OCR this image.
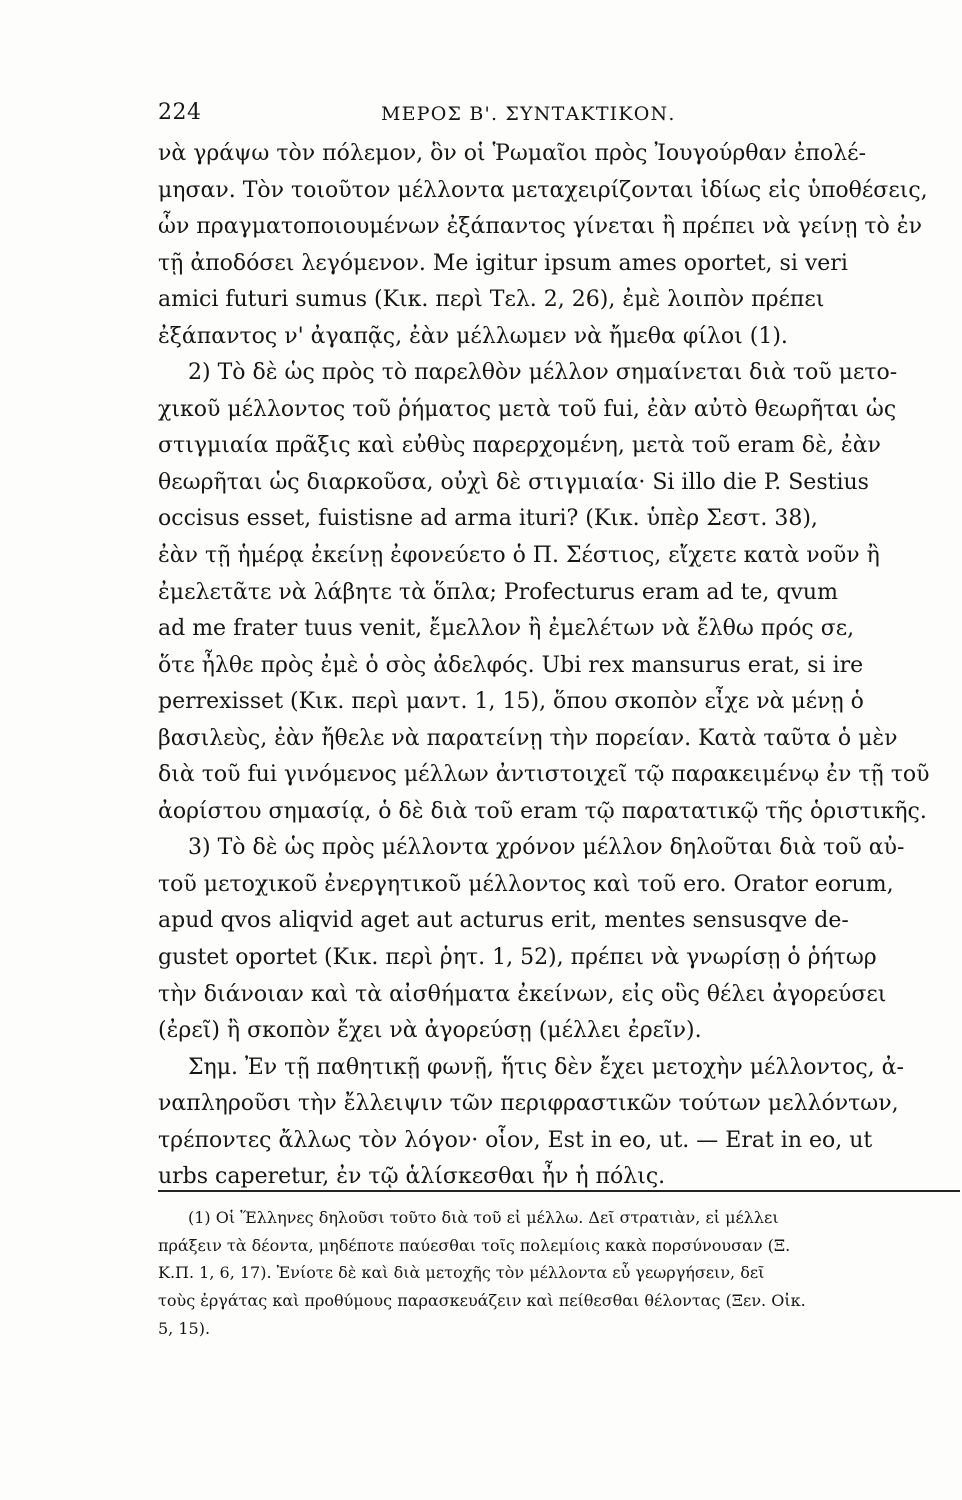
224	ΜΕΡΟΣ Β'. ΣΥΝΤΑΚΤΙΚΟΝ.
νὰ γράψω τὸν πόλεμον, ὃν οἱ Ῥωμαῖοι πρὸς Ἰουγούρθαν ἐπολέ-
μησαν. Τὸν τοιοῦτον μέλλοντα μεταχειρίζονται ἰδίως εἰς ὑποθέσεις,
ὧν πραγματοποιουμένων ἐξάπαντος γίνεται ἢ πρέπει νὰ γείνῃ τὸ ἐν
τῇ ἀποδόσει λεγόμενον. Me igitur ipsum ames oportet, si veri
amici futuri sumus (Κικ. περὶ Τελ. 2, 26), ἐμὲ λοιπὸν πρέπει
ἐξάπαντος ν' ἀγαπᾷς, ἐὰν μέλλωμεν νὰ ἤμεθα φίλοι (1).
2) Τὸ δὲ ὡς πρὸς τὸ παρελθὸν μέλλον σημαίνεται διὰ τοῦ μετο-
χικοῦ μέλλοντος τοῦ ῥήματος μετὰ τοῦ fui, ἐὰν αὐτὸ θεωρῆται ὡς
στιγμιαία πρᾶξις καὶ εὐθὺς παρερχομένη, μετὰ τοῦ eram δὲ, ἐὰν
θεωρῆται ὡς διαρκοῦσα, οὐχὶ δὲ στιγμιαία· Si illo die P. Sestius
occisus esset, fuistisne ad arma ituri? (Κικ. ὑπὲρ Σεστ. 38),
ἐὰν τῇ ἡμέρᾳ ἐκείνῃ ἐφονεύετο ὁ Π. Σέστιος, εἴχετε κατὰ νοῦν ἢ
ἐμελετᾶτε νὰ λάβητε τὰ ὅπλα; Profecturus eram ad te, qvum
ad me frater tuus venit, ἔμελλον ἢ ἐμελέτων νὰ ἔλθω πρός σε,
ὅτε ἦλθε πρὸς ἐμὲ ὁ σὸς ἀδελφός. Ubi rex mansurus erat, si ire
perrexisset (Κικ. περὶ μαντ. 1, 15), ὅπου σκοπὸν εἶχε νὰ μένῃ ὁ
βασιλεὺς, ἐὰν ἤθελε νὰ παρατείνῃ τὴν πορείαν. Κατὰ ταῦτα ὁ μὲν
διὰ τοῦ fui γινόμενος μέλλων ἀντιστοιχεῖ τῷ παρακειμένῳ ἐν τῇ τοῦ
ἀορίστου σημασίᾳ, ὁ δὲ διὰ τοῦ eram τῷ παρατατικῷ τῆς ὁριστικῆς.
3) Τὸ δὲ ὡς πρὸς μέλλοντα χρόνον μέλλον δηλοῦται διὰ τοῦ αὐ-
τοῦ μετοχικοῦ ἐνεργητικοῦ μέλλοντος καὶ τοῦ ero. Orator eorum,
apud qvos aliqvid aget aut acturus erit, mentes sensusqve de-
gustet oportet (Κικ. περὶ ῥητ. 1, 52), πρέπει νὰ γνωρίσῃ ὁ ῥήτωρ
τὴν διάνοιαν καὶ τὰ αἰσθήματα ἐκείνων, εἰς οὓς θέλει ἀγορεύσει
(ἐρεῖ) ἢ σκοπὸν ἔχει νὰ ἀγορεύσῃ (μέλλει ἐρεῖν).
Σημ. Ἐν τῇ παθητικῇ φωνῇ, ἥτις δὲν ἔχει μετοχὴν μέλλοντος, ἀ-
ναπληροῦσι τὴν ἔλλειψιν τῶν περιφραστικῶν τούτων μελλόντων,
τρέποντες ἄλλως τὸν λόγον· οἷον, Est in eo, ut. — Erat in eo, ut
urbs caperetur, ἐν τῷ ἁλίσκεσθαι ἦν ἡ πόλις.
(1) Οἱ Ἕλληνες δηλοῦσι τοῦτο διὰ τοῦ εἰ μέλλω. Δεῖ στρατιὰν, εἰ μέλλει
πράξειν τὰ δέοντα, μηδέποτε παύεσθαι τοῖς πολεμίοις κακὰ πορσύνουσαν (Ξ.
Κ.Π. 1, 6, 17). Ἐνίοτε δὲ καὶ διὰ μετοχῆς τὸν μέλλοντα εὖ γεωργήσειν, δεῖ
τοὺς ἐργάτας καὶ προθύμους παρασκευάζειν καὶ πείθεσθαι θέλοντας (Ξεν. Οἰκ.
5, 15).
